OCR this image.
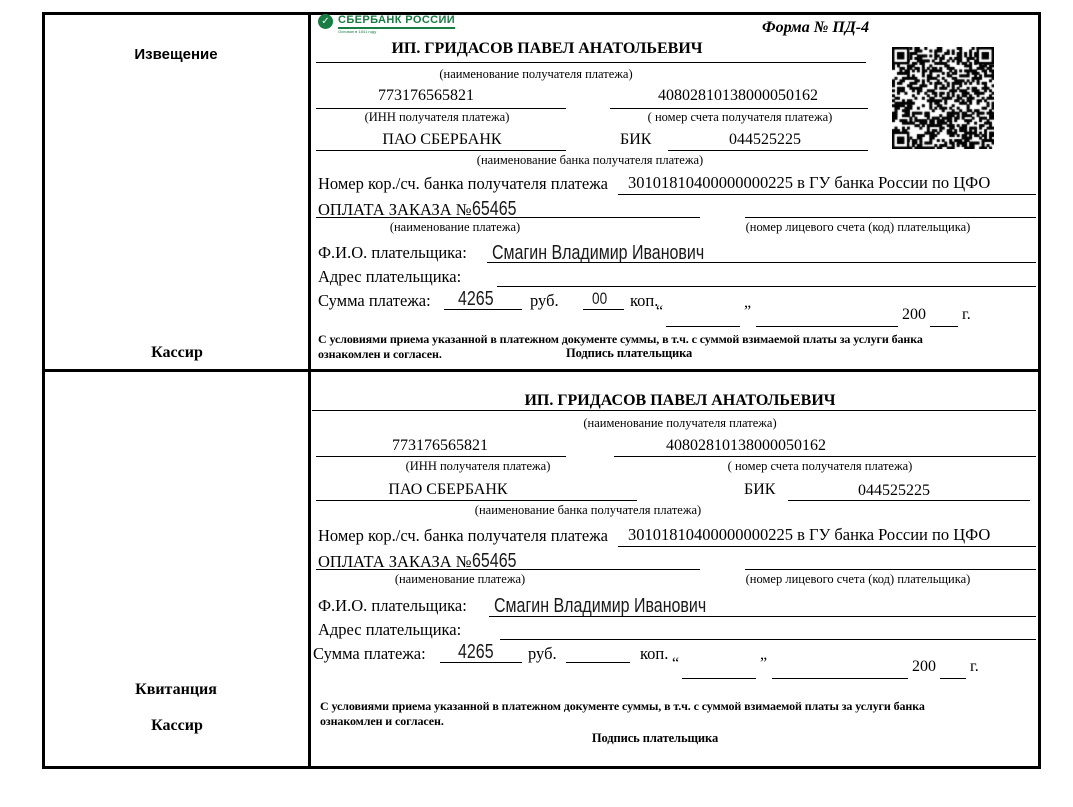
Извещение
Кассир
✓ СБЕРБАНК РОССИИ
Основан в 1841 году	Форма № ПД-4
ИП. ГРИДАСОВ ПАВЕЛ АНАТОЛЬЕВИЧ
(наименование получателя платежа)
773176565821	40802810138000050162
(ИНН получателя платежа)	( номер счета получателя платежа)
ПАО СБЕРБАНК	БИК	044525225
(наименование банка получателя платежа)
Номер кор./сч. банка получателя платежа 30101810400000000225 в ГУ банка России по ЦФО
ОПЛАТА ЗАКАЗА №65465
(наименование платежа)	(номер лицевого счета (код) плательщика)
Ф.И.О. плательщика: Смагин Владимир Иванович
Адрес плательщика:
Сумма платежа: 4265	руб. 00 коп.
“	”	200 г.
С условиями приема указанной в платежном документе суммы, в т.ч. с суммой взимаемой платы за услуги банка
ознакомлен и согласен.	Подпись плательщика
Квитанция
Кассир
ИП. ГРИДАСОВ ПАВЕЛ АНАТОЛЬЕВИЧ
(наименование получателя платежа)
773176565821	40802810138000050162
(ИНН получателя платежа)	( номер счета получателя платежа)
ПАО СБЕРБАНК	БИК	044525225
(наименование банка получателя платежа)
Номер кор./сч. банка получателя платежа 30101810400000000225 в ГУ банка России по ЦФО
ОПЛАТА ЗАКАЗА №65465
(наименование платежа)	(номер лицевого счета (код) плательщика)
Ф.И.О. плательщика: Смагин Владимир Иванович
Адрес плательщика:
Сумма платежа: 4265	руб.	коп.
“	”	200 г.
С условиями приема указанной в платежном документе суммы, в т.ч. с суммой взимаемой платы за услуги банка
ознакомлен и согласен.
Подпись плательщика
